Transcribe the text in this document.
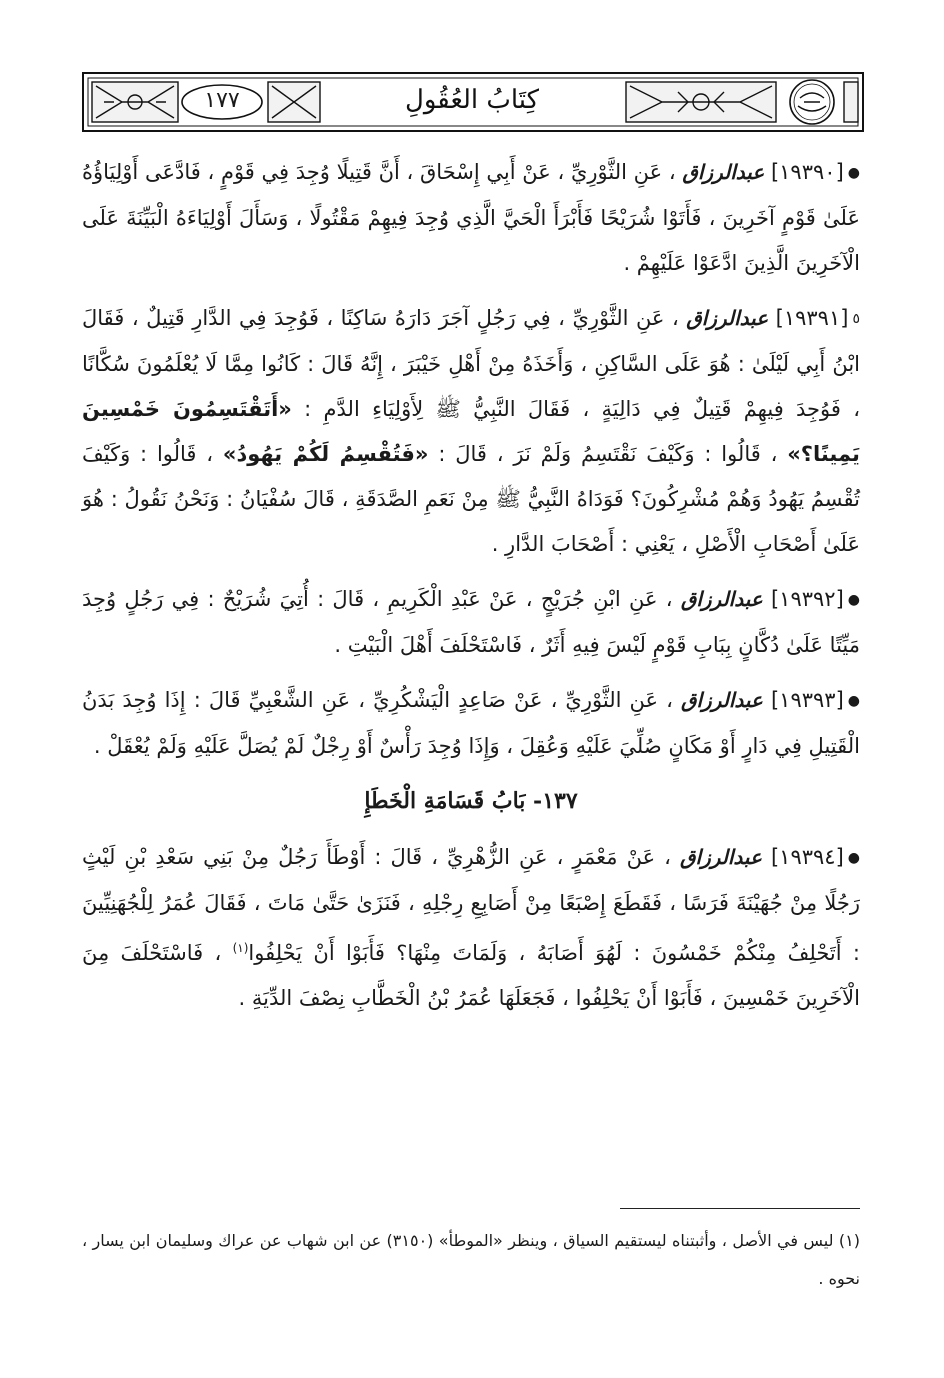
١٧٧	كِتَابُ العُقُولِ

●[١٩٣٩٠] عبدالرزاق ، عَنِ الثَّوْرِيِّ ، عَنْ أَبِي إِسْحَاقَ ، أَنَّ قَتِيلًا وُجِدَ فِي قَوْمٍ ، فَادَّعَى أَوْلِيَاؤُهُ عَلَىٰ قَوْمٍ آخَرِينَ ، فَأَتَوْا شُرَيْحًا فَأَبْرَأَ الْحَيَّ الَّذِي وُجِدَ فِيهِمْ مَقْتُولًا ، وَسَأَلَ أَوْلِيَاءَهُ الْبَيِّنَةَ عَلَى الْآخَرِينَ الَّذِينَ ادَّعَوْا عَلَيْهِمْ .

٥[١٩٣٩١] عبدالرزاق ، عَنِ الثَّوْرِيِّ ، فِي رَجُلٍ آجَرَ دَارَهُ سَاكِنًا ، فَوُجِدَ فِي الدَّارِ قَتِيلٌ ، فَقَالَ ابْنُ أَبِي لَيْلَىٰ : هُوَ عَلَى السَّاكِنِ ، وَأَخَذَهُ مِنْ أَهْلِ خَيْبَرَ ، إِنَّهُ قَالَ : كَانُوا مِمَّا لَا يُعْلَمُونَ سُكَّانًا ، فَوُجِدَ فِيهِمْ قَتِيلٌ فِي دَالِيَةٍ ، فَقَالَ النَّبِيُّ ﷺ لِأَوْلِيَاءِ الدَّمِ : «أَتَقْتَسِمُونَ خَمْسِينَ يَمِينًا؟» ، قَالُوا : وَكَيْفَ نَقْتَسِمُ وَلَمْ نَرَ ، قَالَ : «فَتُقْسِمُ لَكُمْ يَهُودُ» ، قَالُوا : وَكَيْفَ تُقْسِمُ يَهُودُ وَهُمْ مُشْرِكُونَ؟ فَوَدَاهُ النَّبِيُّ ﷺ مِنْ نَعَمِ الصَّدَقَةِ ، قَالَ سُفْيَانُ : وَنَحْنُ نَقُولُ : هُوَ عَلَىٰ أَصْحَابِ الْأَصْلِ ، يَعْنِي : أَصْحَابَ الدَّارِ .

●[١٩٣٩٢] عبدالرزاق ، عَنِ ابْنِ جُرَيْجٍ ، عَنْ عَبْدِ الْكَرِيمِ ، قَالَ : أُتِيَ شُرَيْحٌ : فِي رَجُلٍ وُجِدَ مَيِّتًا عَلَىٰ دُكَّانٍ بِبَابِ قَوْمٍ لَيْسَ فِيهِ أَثَرٌ ، فَاسْتَحْلَفَ أَهْلَ الْبَيْتِ .

●[١٩٣٩٣] عبدالرزاق ، عَنِ الثَّوْرِيِّ ، عَنْ صَاعِدٍ الْيَشْكُرِيِّ ، عَنِ الشَّعْبِيِّ قَالَ : إِذَا وُجِدَ بَدَنُ الْقَتِيلِ فِي دَارٍ أَوْ مَكَانٍ صُلِّيَ عَلَيْهِ وَعُقِلَ ، وَإِذَا وُجِدَ رَأْسٌ أَوْ رِجْلٌ لَمْ يُصَلَّ عَلَيْهِ وَلَمْ يُعْقَلْ .

١٣٧- بَابُ قَسَامَةِ الْخَطَإِ

●[١٩٣٩٤] عبدالرزاق ، عَنْ مَعْمَرٍ ، عَنِ الزُّهْرِيِّ ، قَالَ : أَوْطَأَ رَجُلٌ مِنْ بَنِي سَعْدِ بْنِ لَيْثٍ رَجُلًا مِنْ جُهَيْنَةَ فَرَسًا ، فَقَطَعَ إِصْبَعًا مِنْ أَصَابِعِ رِجْلِهِ ، فَنَزَىٰ حَتَّىٰ مَاتَ ، فَقَالَ عُمَرُ لِلْجُهَنِيِّينَ : أَتَحْلِفُ مِنْكُمْ خَمْسُونَ : لَهُوَ أَصَابَهُ ، وَلَمَاتَ مِنْهَا؟ فَأَبَوْا أَنْ يَحْلِفُوا$^{(١)}$ ، فَاسْتَحْلَفَ مِنَ الْآخَرِينَ خَمْسِينَ ، فَأَبَوْا أَنْ يَحْلِفُوا ، فَجَعَلَهَا عُمَرُ بْنُ الْخَطَّابِ نِصْفَ الدِّيَةِ .

(١) ليس في الأصل ، وأثبتناه ليستقيم السياق ، وينظر «الموطأ» (٣١٥٠) عن ابن شهاب عن عراك وسليمان ابن يسار ، نحوه .
